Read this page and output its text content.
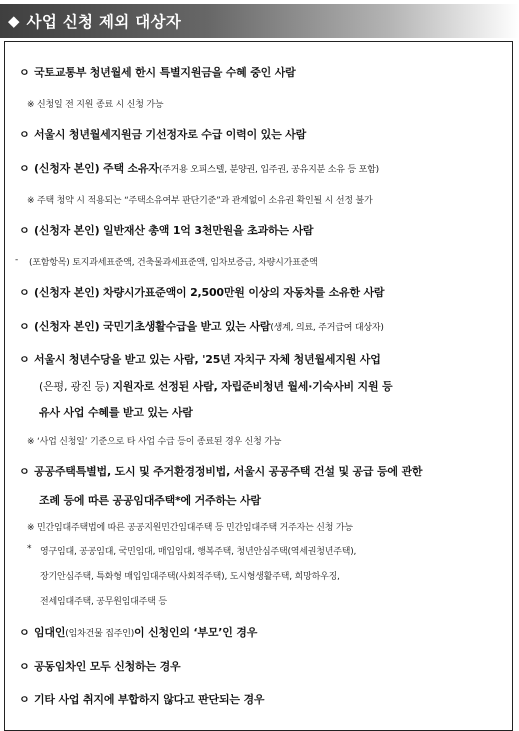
◆ 사업 신청 제외 대상자
ㅇ 국토교통부 청년월세 한시 특별지원금을 수혜 중인 사람
※ 신청일 전 지원 종료 시 신청 가능
ㅇ 서울시 청년월세지원금 기선정자로 수급 이력이 있는 사람
ㅇ (신청자 본인) 주택 소유자(주거용 오피스텔, 분양권, 입주권, 공유지분 소유 등 포함)
※ 주택 청약 시 적용되는 “주택소유여부 판단기준”과 관계없이 소유권 확인될 시 선정 불가
ㅇ (신청자 본인) 일반재산 총액 1억 3천만원을 초과하는 사람
- (포함항목) 토지과세표준액, 건축물과세표준액, 임차보증금, 차량시가표준액
ㅇ (신청자 본인) 차량시가표준액이 2,500만원 이상의 자동차를 소유한 사람
ㅇ (신청자 본인) 국민기초생활수급을 받고 있는 사람(생계, 의료, 주거급여 대상자)
ㅇ 서울시 청년수당을 받고 있는 사람, '25년 자치구 자체 청년월세지원 사업
(은평, 광진 등) 지원자로 선정된 사람, 자립준비청년 월세·기숙사비 지원 등
유사 사업 수혜를 받고 있는 사람
※ ‘사업 신청일’ 기준으로 타 사업 수급 등이 종료된 경우 신청 가능
ㅇ 공공주택특별법, 도시 및 주거환경정비법, 서울시 공공주택 건설 및 공급 등에 관한
조례 등에 따른 공공임대주택*에 거주하는 사람
※ 민간임대주택법에 따른 공공지원민간임대주택 등 민간임대주택 거주자는 신청 가능
* 영구임대, 공공임대, 국민임대, 매입임대, 행복주택, 청년안심주택(역세권청년주택),
장기안심주택, 특화형 매입임대주택(사회적주택), 도시형생활주택, 희망하우징,
전세임대주택, 공무원임대주택 등
ㅇ 임대인(임차건물 집주인)이 신청인의 ‘부모’인 경우
ㅇ 공동임차인 모두 신청하는 경우
ㅇ 기타 사업 취지에 부합하지 않다고 판단되는 경우
